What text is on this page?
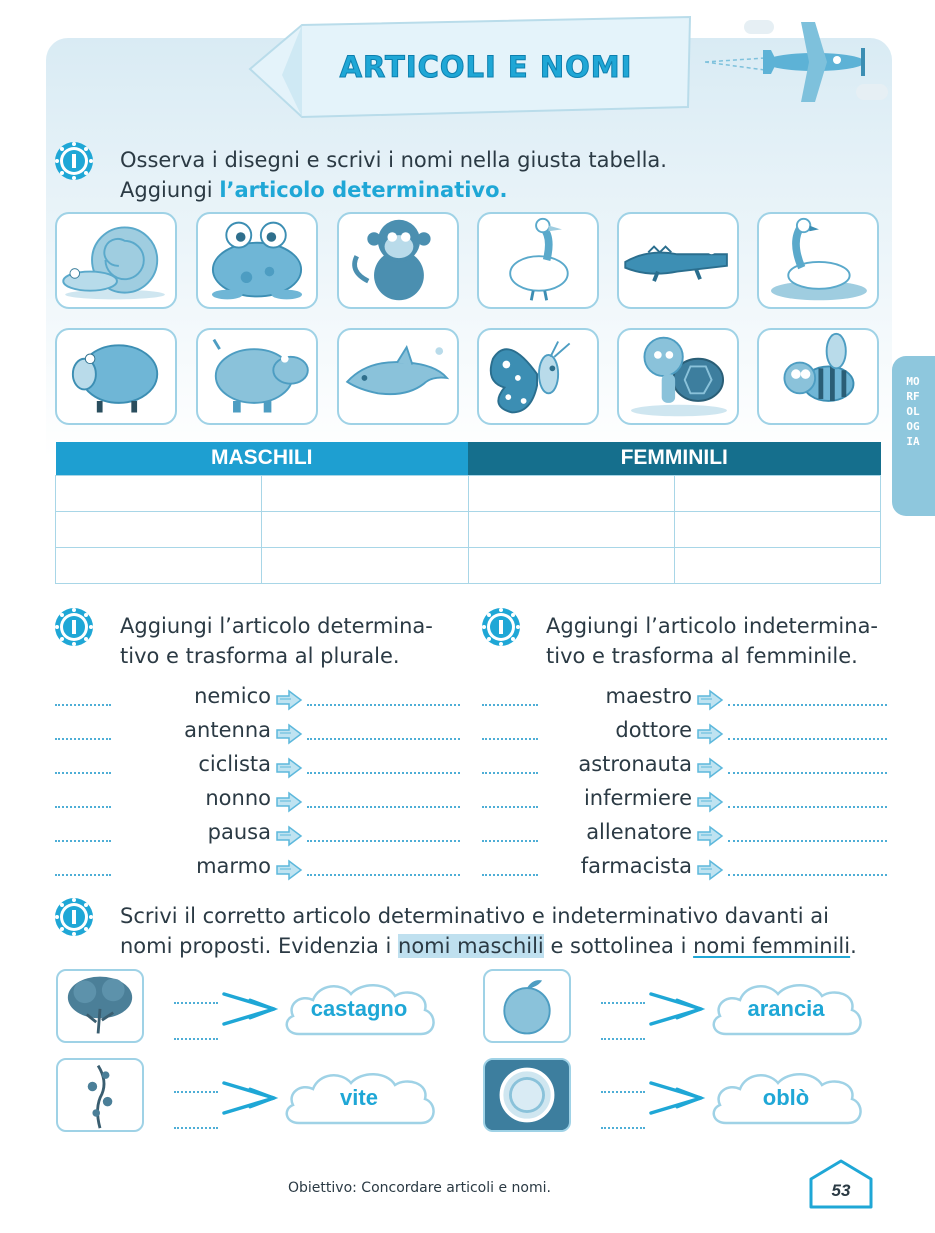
ARTICOLI E NOMI
Osserva i disegni e scrivi i nomi nella giusta tabella.
Aggiungi l’articolo determinativo.
MASCHILI		FEMMINILI	

MORFOLOGIA
Aggiungi l’articolo determina-
tivo e trasforma al plurale.
Aggiungi l’articolo indetermina-
tivo e trasforma al femminile.
nemico
antenna
ciclista
nonno
pausa
marmo
maestro
dottore
astronauta
infermiere
allenatore
farmacista
Scrivi il corretto articolo determinativo e indeterminativo davanti ai
nomi proposti. Evidenzia i nomi maschili e sottolinea i nomi femminili.
castagno	arancia
vite	oblò
Obiettivo: Concordare articoli e nomi.	53
